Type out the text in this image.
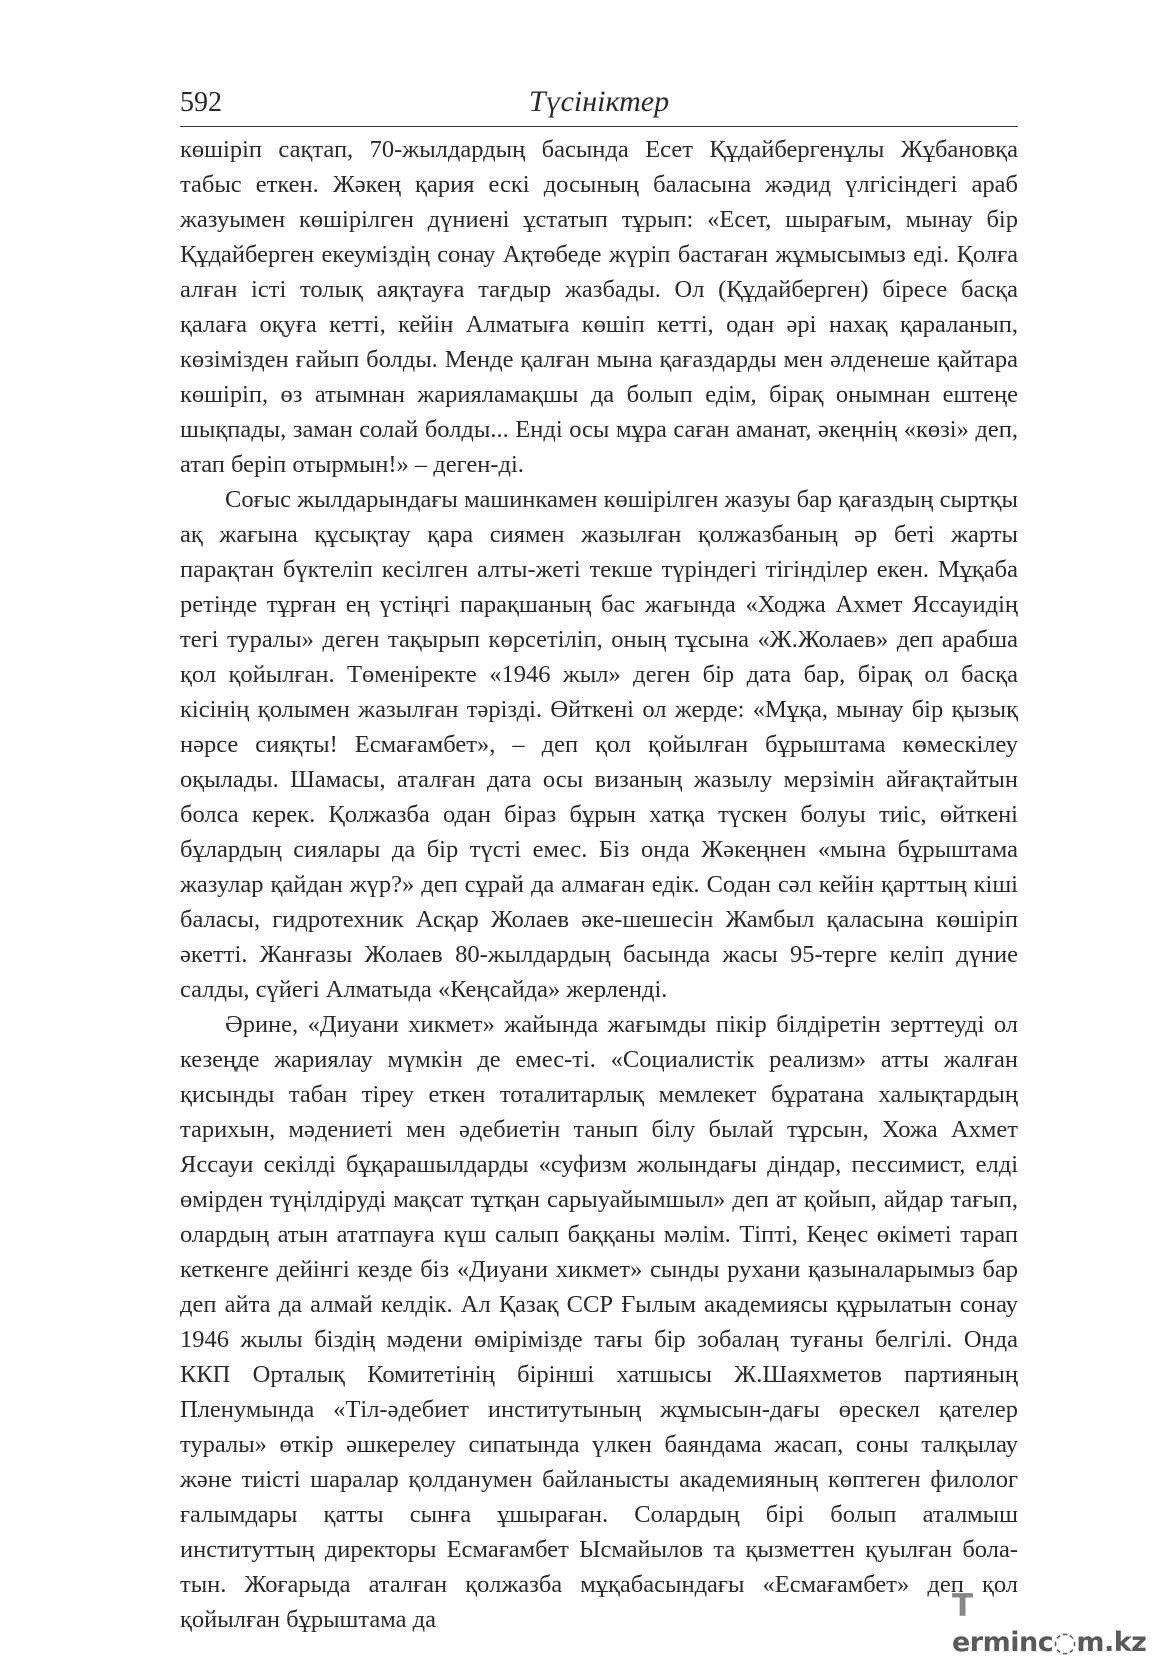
592	Түсініктер

көшіріп сақтап, 70-жылдардың басында Есет Құдайбергенұлы Жұбановқа табыс еткен. Жәкең қария ескі досының баласына жәдид үлгісіндегі араб жазуымен көшірілген дүниені ұстатып тұрып: «Есет, шырағым, мынау бір Құдайберген екеуміздің сонау Ақтөбеде жүріп бастаған жұмысымыз еді. Қолға алған істі толық аяқтауға тағдыр жазбады. Ол (Құдайберген) біресе басқа қалаға оқуға кетті, кейін Алматыға көшіп кетті, одан әрі нахақ қараланып, көзімізден ғайып болды. Менде қалған мына қағаздарды мен әлденеше қайтара көшіріп, өз атымнан жарияламақшы да болып едім, бірақ онымнан ештеңе шықпады, заман солай болды... Енді осы мұра саған аманат, әкеңнің «көзі» деп, атап беріп отырмын!» – деген-ді.

Соғыс жылдарындағы машинкамен көшірілген жазуы бар қағаздың сыртқы ақ жағына құсықтау қара сиямен жазылған қолжазбаның әр беті жарты парақтан бүктеліп кесілген алты-жеті текше түріндегі тігінділер екен. Мұқаба ретінде тұрған ең үстіңгі парақшаның бас жағында «Ходжа Ахмет Яссауидің тегі туралы» деген тақырып көрсетіліп, оның тұсына «Ж.Жолаев» деп арабша қол қойылған. Төменіректе «1946 жыл» деген бір дата бар, бірақ ол басқа кісінің қолымен жазылған тәрізді. Өйткені ол жерде: «Мұқа, мынау бір қызық нәрсе сияқты! Есмағамбет», – деп қол қойылған бұрыштама көмескілеу оқылады. Шамасы, аталған дата осы визаның жазылу мерзімін айғақтайтын болса керек. Қолжазба одан біраз бұрын хатқа түскен болуы тиіс, өйткені бұлардың сиялары да бір түсті емес. Біз онда Жәкеңнен «мына бұрыштама жазулар қайдан жүр?» деп сұрай да алмаған едік. Содан сәл кейін қарттың кіші баласы, гидротехник Асқар Жолаев әке-шешесін Жамбыл қаласына көшіріп әкетті. Жанғазы Жолаев 80-жылдардың басында жасы 95-терге келіп дүние салды, сүйегі Алматыда «Кеңсайда» жерленді.

Әрине, «Диуани хикмет» жайында жағымды пікір білдіретін зерттеуді ол кезеңде жариялау мүмкін де емес-ті. «Социалистік реализм» атты жалған қисынды табан тіреу еткен тоталитарлық мемлекет бұратана халықтардың тарихын, мәдениеті мен әдебиетін танып білу былай тұрсын, Хожа Ахмет Яссауи секілді бұқарашылдарды «суфизм жолындағы діндар, пессимист, елді өмірден түңілдіруді мақсат тұтқан сарыуайымшыл» деп ат қойып, айдар тағып, олардың атын ататпауға күш салып баққаны мәлім. Тіпті, Кеңес өкіметі тарап кеткенге дейінгі кезде біз «Диуани хикмет» сынды рухани қазыналарымыз бар деп айта да алмай келдік. Ал Қазақ ССР Ғылым академиясы құрылатын сонау 1946 жылы біздің мәдени өмірімізде тағы бір зобалаң туғаны белгілі. Онда ККП Орталық Комитетінің бірінші хатшысы Ж.Шаяхметов партияның Пленумында «Тіл-әдебиет институтының жұмысын-дағы өрескел қателер туралы» өткір әшкерелеу сипатында үлкен баяндама жасап, соны талқылау және тиісті шаралар қолданумен байланысты академияның көптеген филолог ғалымдары қатты сынға ұшыраған. Солардың бірі болып аталмыш институттың директоры Есмағамбет Ысмайылов та қызметтен қуылған бола-тын. Жоғарыда аталған қолжазба мұқабасындағы «Есмағамбет» деп қол қойылған бұрыштама да	Terminc◌m.kz
